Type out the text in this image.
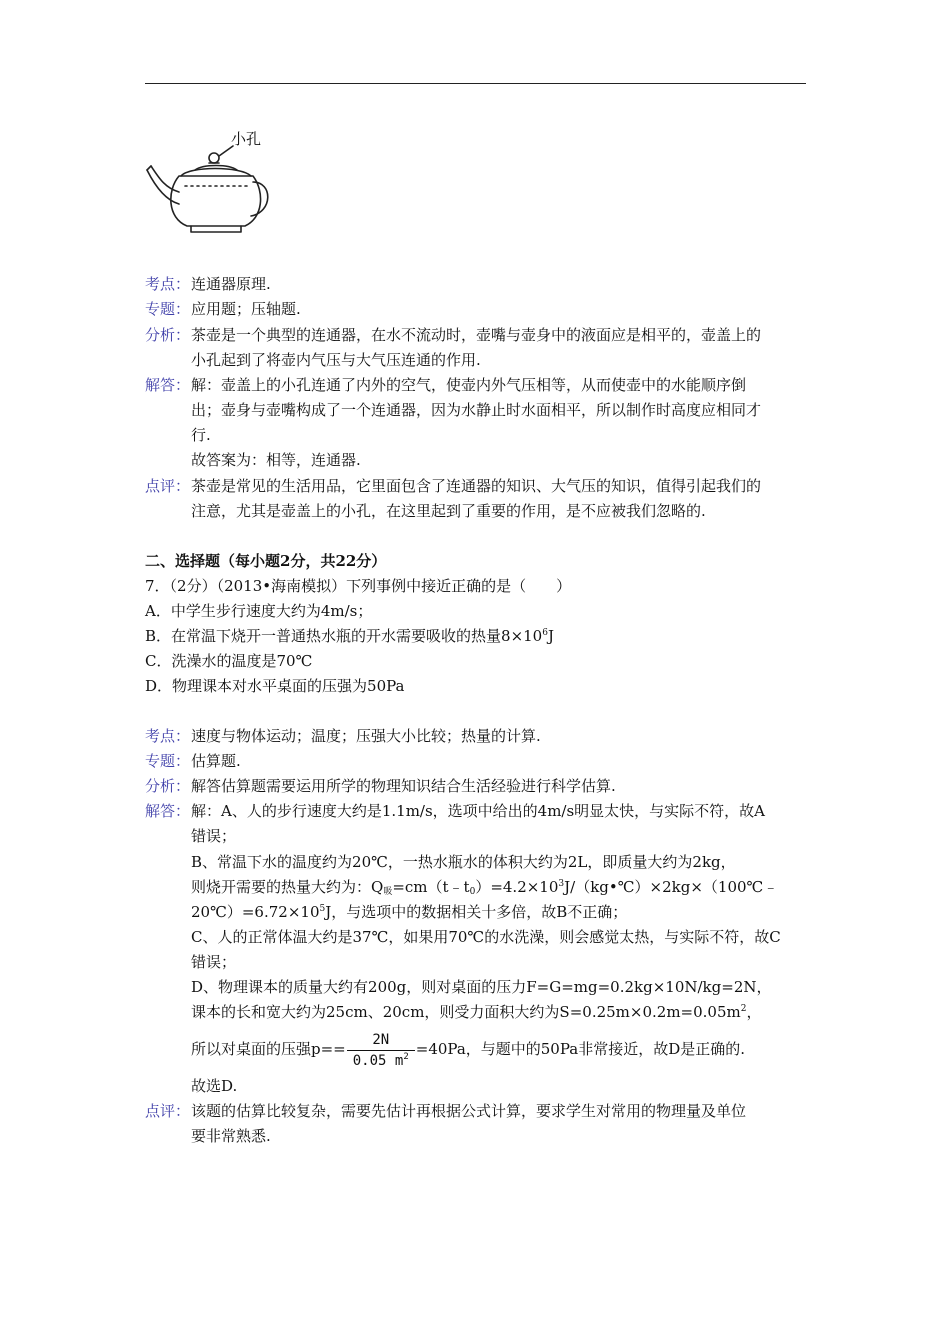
小孔
考点：连通器原理.
专题：应用题；压轴题.
分析：茶壶是一个典型的连通器，在水不流动时，壶嘴与壶身中的液面应是相平的，壶盖上的
小孔起到了将壶内气压与大气压连通的作用.
解答：解：壶盖上的小孔连通了内外的空气，使壶内外气压相等，从而使壶中的水能顺序倒
出；壶身与壶嘴构成了一个连通器，因为水静止时水面相平，所以制作时高度应相同才
行.
故答案为：相等，连通器.
点评：茶壶是常见的生活用品，它里面包含了连通器的知识、大气压的知识，值得引起我们的
注意，尤其是壶盖上的小孔，在这里起到了重要的作用，是不应被我们忽略的.
二、选择题（每小题2分，共22分）
7．（2分）（2013•海南模拟）下列事例中接近正确的是（　　）
A．中学生步行速度大约为4m/s；
B．在常温下烧开一普通热水瓶的开水需要吸收的热量$8\times 10^6J$
C．洗澡水的温度是70℃
D．物理课本对水平桌面的压强为50Pa
考点：速度与物体运动；温度；压强大小比较；热量的计算.
专题：估算题.
分析：解答估算题需要运用所学的物理知识结合生活经验进行科学估算.
解答：解：A、人的步行速度大约是1.1m/s，选项中给出的4m/s明显太快，与实际不符，故A
错误；
B、常温下水的温度约为20℃，一热水瓶水的体积大约为2L，即质量大约为2kg，
则烧开需要的热量大约为：$Q_吸=cm(t﹣t_0)=4.2\times 10^3J/(kg•℃)\times 2kg\times(100℃﹣$
$20℃)=6.72\times 10^5J$，与选项中的数据相关十多倍，故B不正确；
C、人的正常体温大约是37℃，如果用70℃的水洗澡，则会感觉太热，与实际不符，故C
错误；
D、物理课本的质量大约有200g，则对桌面的压力F=G=mg=0.2kg×10N/kg=2N，
课本的长和宽大约为25cm、20cm，则受力面积大约为$S=0.25m\times 0.2m=0.05m^2$，
所以对桌面的压强$p== \frac{2N}{0.05 m^2} =40Pa$，与题中的50Pa非常接近，故D是正确的.
故选D.
点评：该题的估算比较复杂，需要先估计再根据公式计算，要求学生对常用的物理量及单位
要非常熟悉.
